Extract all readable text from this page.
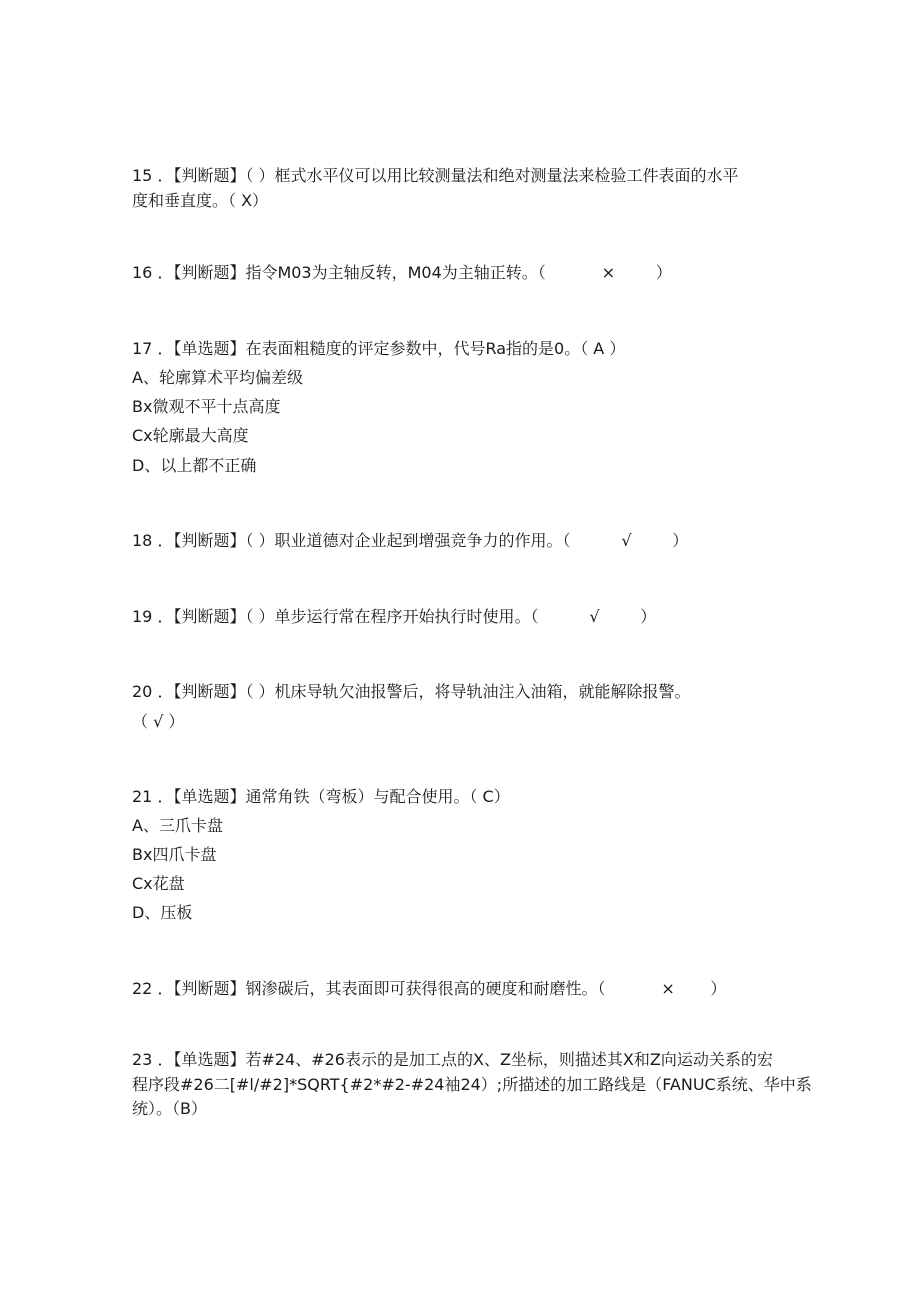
15 ．【判断题】（ ）框式水平仪可以用比较测量法和绝对测量法来检验工件表面的水平
度和垂直度。（ X）
16 ．【判断题】指令M03为主轴反转，M04为主轴正转。（           ×        ）
17 ．【单选题】在表面粗糙度的评定参数中，代号Ra指的是0。（ A ）
A、轮廓算术平均偏差级
Bx微观不平十点高度
Cx轮廓最大高度
D、以上都不正确
18 ．【判断题】（ ）职业道德对企业起到增强竞争力的作用。（          √        ）
19 ．【判断题】（ ）单步运行常在程序开始执行时使用。（          √        ）
20 ．【判断题】（ ）机床导轨欠油报警后，将导轨油注入油箱，就能解除报警。
（ √ ）
21 ．【单选题】通常角铁（弯板）与配合使用。（ C）
A、三爪卡盘
Bx四爪卡盘
Cx花盘
D、压板
22 ．【判断题】钢渗碳后，其表面即可获得很高的硬度和耐磨性。（           ×       ）
23 ．【单选题】若#24、#26表示的是加工点的X、Z坐标，则描述其X和Z向运动关系的宏
程序段#26二[#l/#2]*SQRT{#2*#2-#24袖24）;所描述的加工路线是（FANUC系统、华中系
统）。（B）
